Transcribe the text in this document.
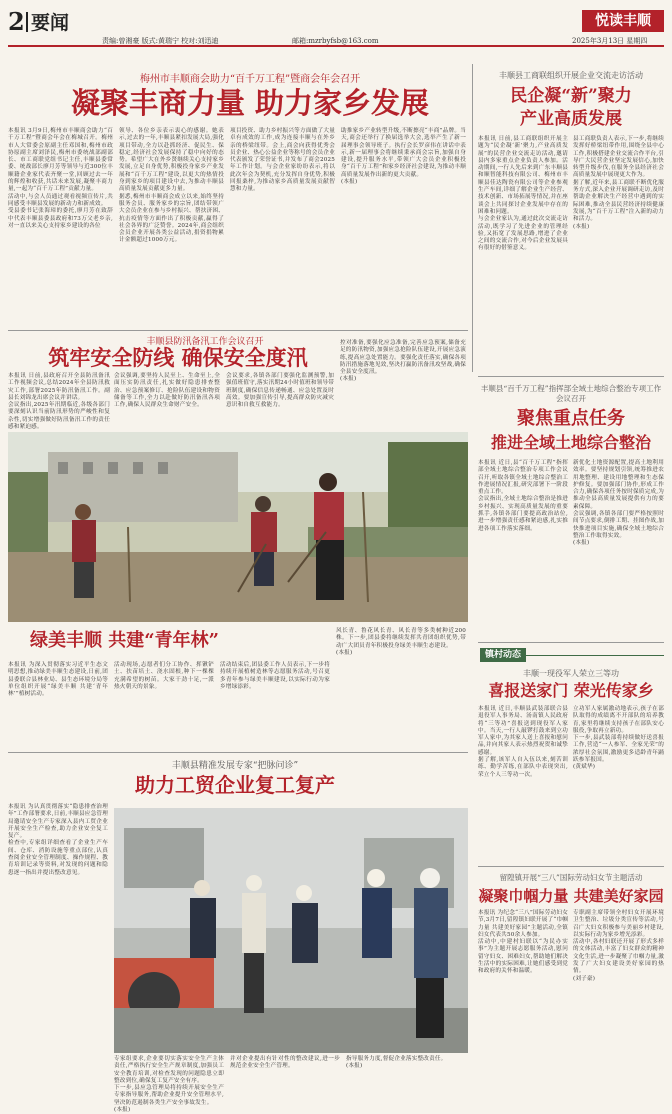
2 要闻
责编:曾湘豪 版式:黄瑞宁 校对:刘迅迪	邮箱:mzrbyfsb@163.com	2025年3月13日 星期四
悦读丰顺
梅州市丰顺商会助力“百千万工程”暨商会年会召开
凝聚丰商力量 助力家乡发展
本报讯 3月9日,梅州市丰顺商会助力“百千万工程”暨商会年会在梅城召开。梅州市人大常委会原副主任邓国和,梅州市政协原副主席刘泽民,梅州市委统战部副部长、市工商联党组书记主任,丰顺县委常委、统战部长廖月芳等领导与近300位丰顺籍企业家代表齐聚一堂,回顾过去一年的辉煌和收获,共话未来发展,凝聚丰商力量,一起为“百千万工程”贡献力量。
活动中,与会人员通过观看视频宣传片,共同感受丰顺县发展的新动力和新成效。
受县委书记张海璋的委托,廖月芳在致辞中代表丰顺县委县政府和73万父老乡亲,对一直以来关心支持家乡建设的各位
领导、各位乡亲表示衷心的感谢。她表示,过去的一年,丰顺县紧扣发展大局,强化项目带动,全力以赴抓经济、促民生、保稳定,经济社会发展保持了稳中向好的态势。希望广大在外乡贤继续关心支持家乡发展,立足自身优势,积极投身家乡产业发展和“百千万工程”建设,以更大的热情投身到家乡的项目建设中去,为推动丰顺县高质量发展贡献更多力量。
据悉,梅州市丰顺商会成立以来,始终坚持服务会员、服务家乡的宗旨,团结带领广大会员企业在参与乡村振兴、帮扶济困、抗击疫情等方面作出了积极贡献,赢得了社会各界的广泛赞誉。2024年,商会组织会员企业开展各类公益活动,捐资捐物累计金额超过1000万元。
项目投资、助力乡村振兴等方面做了大量卓有成效的工作,成为连接丰顺与在外乡亲的桥梁纽带。会上,商会向获得优秀会员企业、热心公益企业等称号的会员企业代表颁发了荣誉证书,并发布了商会2025年工作计划。与会企业家纷纷表示,将以此次年会为契机,充分发挥自身优势,积极回报桑梓,为推动家乡高质量发展贡献智慧和力量。
助推家乡产业转型升级,不断擦亮“丰商”品牌。当天,商会还举行了换届选举大会,选举产生了新一届理事会领导班子。执行会长罗彦伟在讲话中表示,新一届理事会将继续秉承商会宗旨,加强自身建设,提升服务水平,带领广大会员企业积极投身“百千万工程”和家乡经济社会建设,为推动丰顺高质量发展作出新的更大贡献。
(本报)
丰顺县工商联组织开展企业交流走访活动
民企凝“新”聚力
产业高质发展
本报讯 日前,县工商联组织开展主题为“民企凝‘新’聚力,产业高质发展”的民营企业交流走访活动,邀请县内多家重点企业负责人参加。活动期间,一行人先后来到广东丰顺县和顺智能科技有限公司、梅州市丰顺县佳达陶瓷有限公司等企业参观生产车间,详细了解企业生产经营、技术创新、市场拓展等情况,并在座谈会上共同探讨企业发展中存在的困难和问题。
与会企业家认为,通过此次交流走访活动,既学习了先进企业的管理经验,又拓宽了发展思路,增进了企业之间的交流合作,对今后企业发展具有很好的借鉴意义。
县工商联负责人表示,下一步,将继续发挥好桥梁纽带作用,围绕全县中心工作,积极搭建企业交流合作平台,引导广大民营企业坚定发展信心,加快转型升级步伐,在服务全县经济社会高质量发展中展现更大作为。
据了解,近年来,县工商联不断优化服务方式,深入企业开展调研走访,及时帮助企业解决生产经营中遇到的实际困难,推动全县民营经济持续健康发展,为“百千万工程”注入新的动力和活力。
(本报)
丰顺县防汛备汛工作会议召开
筑牢安全防线 确保安全度汛
本报讯 日前,县政府召开全县防汛备汛工作视频会议,总结2024年全县防汛救灾工作,部署2025年防汛备汛工作。副县长刘锦龙出席会议并讲话。
会议指出,2025年汛期临近,各级各部门要深刻认识当前防汛形势的严峻性和复杂性,切实增强做好防汛备汛工作的责任感和紧迫感。
会议强调,要坚持人民至上、生命至上,全面压实防汛责任,扎实做好隐患排查整治、应急预案修订、抢险队伍建设和物资储备等工作,全力以赴做好防汛备汛各项工作,确保人民群众生命财产安全。
会议要求,各镇各部门要强化监测预警,加强值班值守,落实汛期24小时值班和领导带班制度,确保信息传递畅通、应急处置及时高效。要加强宣传引导,提高群众防灾减灾意识和自救互救能力。
控对准备,要强化应急准备,完善应急预案,储备充足的防汛物资,加强应急抢险队伍建设,开展应急演练,提高应急处置能力。要强化责任落实,确保各项防汛措施落地见效,坚决打赢防汛备汛攻坚战,确保全县安全度汛。
(本报)
绿美丰顺 共建“青年林”
本报讯 为深入贯彻落实习近平生态文明思想,推动绿美丰顺生态建设,日前,团县委联合县林业局、县生态环境分局等单位组织开展“绿美丰顺 共建‘青年林’”植树活动。
活动现场,志愿者们分工协作、挥锹铲土、扶苗培土、浇水固根,种下一棵棵充满希望的树苗。大家干劲十足,一派热火朝天的景象。
活动结束后,团县委工作人员表示,下一步将持续开展植树造林等志愿服务活动,号召更多青年参与绿美丰顺建设,以实际行动为家乡增绿添彩。
风长青、鲁花风长青、风长青等多类树种近200株。下一步,团县委将继续发挥共青团组织优势,带动广大团员青年积极投身绿美丰顺生态建设。
(本报)
丰顺县“百千万工程”指挥部全域土地综合整治专项工作会议召开
聚焦重点任务
推进全域土地综合整治
本报讯 近日,县“百千万工程”指挥部全域土地综合整治专项工作会议召开,听取各镇全域土地综合整治工作进展情况汇报,研究部署下一阶段重点工作。
会议指出,全域土地综合整治是推进乡村振兴、实现高质量发展的重要抓手,各镇各部门要提高政治站位,进一步增强责任感和紧迫感,扎实推进各项工作落实落细。
新优化土地资源配置,提高土地利用效率。要坚持规划引领,统筹推进农用地整理、建设用地整理和生态保护修复。要加强部门协作,形成工作合力,确保各项任务按时保质完成,为推动全县高质量发展提供有力的要素保障。
会议强调,各镇各部门要严格按照时间节点要求,倒排工期、挂图作战,加快推进项目实施,确保全域土地综合整治工作取得实效。
(本报)
镇村动态
丰顺一现役军人荣立三等功
喜报送家门 荣光传家乡
本报讯 近日,丰顺县武装部联合县退役军人事务局、汤南镇人民政府将“三等功”喜报送到现役军人家中。当天,一行人敲锣打鼓来到立功军人家中,为其家人送上喜报和慰问品,并向其家人表示热烈祝贺和诚挚感谢。
据了解,该军人自入伍以来,刻苦训练、勤学苦练,在部队中表现突出,荣立个人三等功一次。
立功军人家属激动地表示,孩子在部队取得的成绩离不开部队的培养教育,家里将继续支持孩子在部队安心服役,争取再立新功。
下一步,县武装部将持续做好送喜报工作,营造“一人参军、全家光荣”的浓厚社会氛围,激励更多适龄青年踊跃参军报国。
(黄斌华)
丰顺县精准发展专家“把脉问诊”
助力工贸企业复工复产
本报讯 为认真贯彻落实“隐患排查治理年”工作部署要求,日前,丰顺县应急管理局邀请安全生产专家深入县内工贸企业开展安全生产检查,助力企业安全复工复产。
检查中,专家组详细查看了企业生产车间、仓库、消防设施等重点部位,认真查阅企业安全管理制度、操作规程、教育培训记录等资料,对发现的问题和隐患逐一指出并提出整改意见。
专家组要求,企业要切实落实安全生产主体责任,严格执行安全生产规章制度,加强员工安全教育培训,对检查发现的问题隐患立即整改到位,确保复工复产安全有序。
下一步,县应急管理局将持续开展安全生产专家指导服务,帮助企业提升安全管理水平,坚决防范遏制各类生产安全事故发生。
(本报)
并对企业提出有针对性的整改建议,进一步规范企业安全生产管理。
指导服务力度,督促企业落实整改责任。
(本报)
留隍镇开展“三八”国际劳动妇女节主题活动
凝聚巾帼力量 共建美好家园
本报讯 为纪念“三八”国际劳动妇女节,3月7日,留隍镇妇联开展了“巾帼力量 共建美好家园”主题活动,全镇妇女代表共50余人参加。
活动中,中建村妇联以“为民办实事”为主题开展志愿服务活动,慰问留守妇女、困难妇女,帮助她们解决生活中的实际困难,让她们感受到党和政府的关怀和温暖。
专职副主席带领全村妇女开展环境卫生整治、垃圾分类宣传等活动,号召广大妇女积极参与美丽乡村建设,以实际行动为家乡增光添彩。
活动中,各村妇联还开展了形式多样的文体活动,丰富了妇女群众的精神文化生活,进一步凝聚了巾帼力量,激发了广大妇女建设美好家园的热情。
(刘子豪)
